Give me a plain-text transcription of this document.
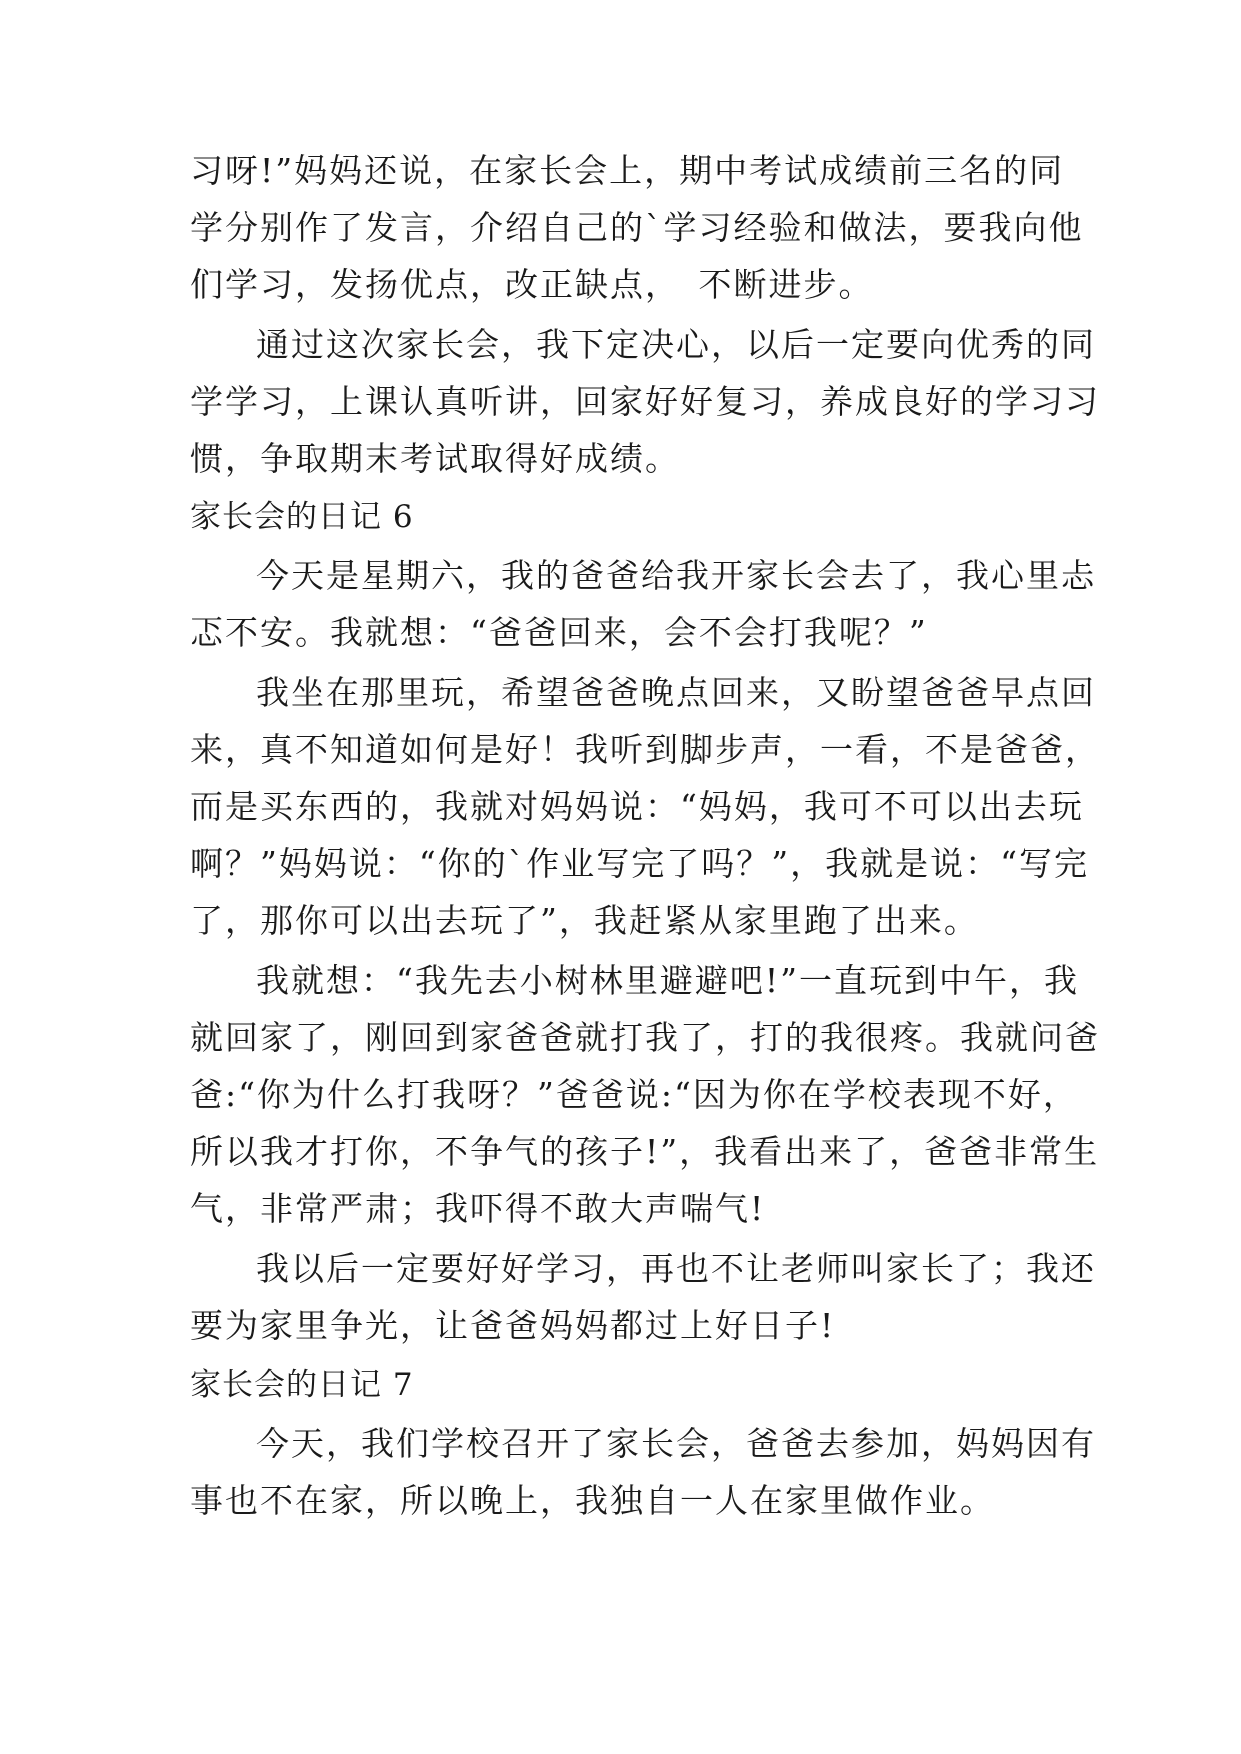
习呀!”妈妈还说，在家长会上，期中考试成绩前三名的同
学分别作了发言，介绍自己的`学习经验和做法，要我向他
们学习，发扬优点，改正缺点，　不断进步。
通过这次家长会，我下定决心，以后一定要向优秀的同
学学习，上课认真听讲，回家好好复习，养成良好的学习习
惯，争取期末考试取得好成绩。
家长会的日记 6
今天是星期六，我的爸爸给我开家长会去了，我心里忐
忑不安。我就想：“爸爸回来，会不会打我呢？”
我坐在那里玩，希望爸爸晚点回来，又盼望爸爸早点回
来，真不知道如何是好！我听到脚步声，一看，不是爸爸，
而是买东西的，我就对妈妈说：“妈妈，我可不可以出去玩
啊？”妈妈说：“你的`作业写完了吗？”，我就是说：“写完
了，那你可以出去玩了”，我赶紧从家里跑了出来。
我就想：“我先去小树林里避避吧!”一直玩到中午，我
就回家了，刚回到家爸爸就打我了，打的我很疼。我就问爸
爸:“你为什么打我呀？”爸爸说:“因为你在学校表现不好，
所以我才打你，不争气的孩子!”，我看出来了，爸爸非常生
气，非常严肃；我吓得不敢大声喘气!
我以后一定要好好学习，再也不让老师叫家长了；我还
要为家里争光，让爸爸妈妈都过上好日子!
家长会的日记 7
今天，我们学校召开了家长会，爸爸去参加，妈妈因有
事也不在家，所以晚上，我独自一人在家里做作业。
